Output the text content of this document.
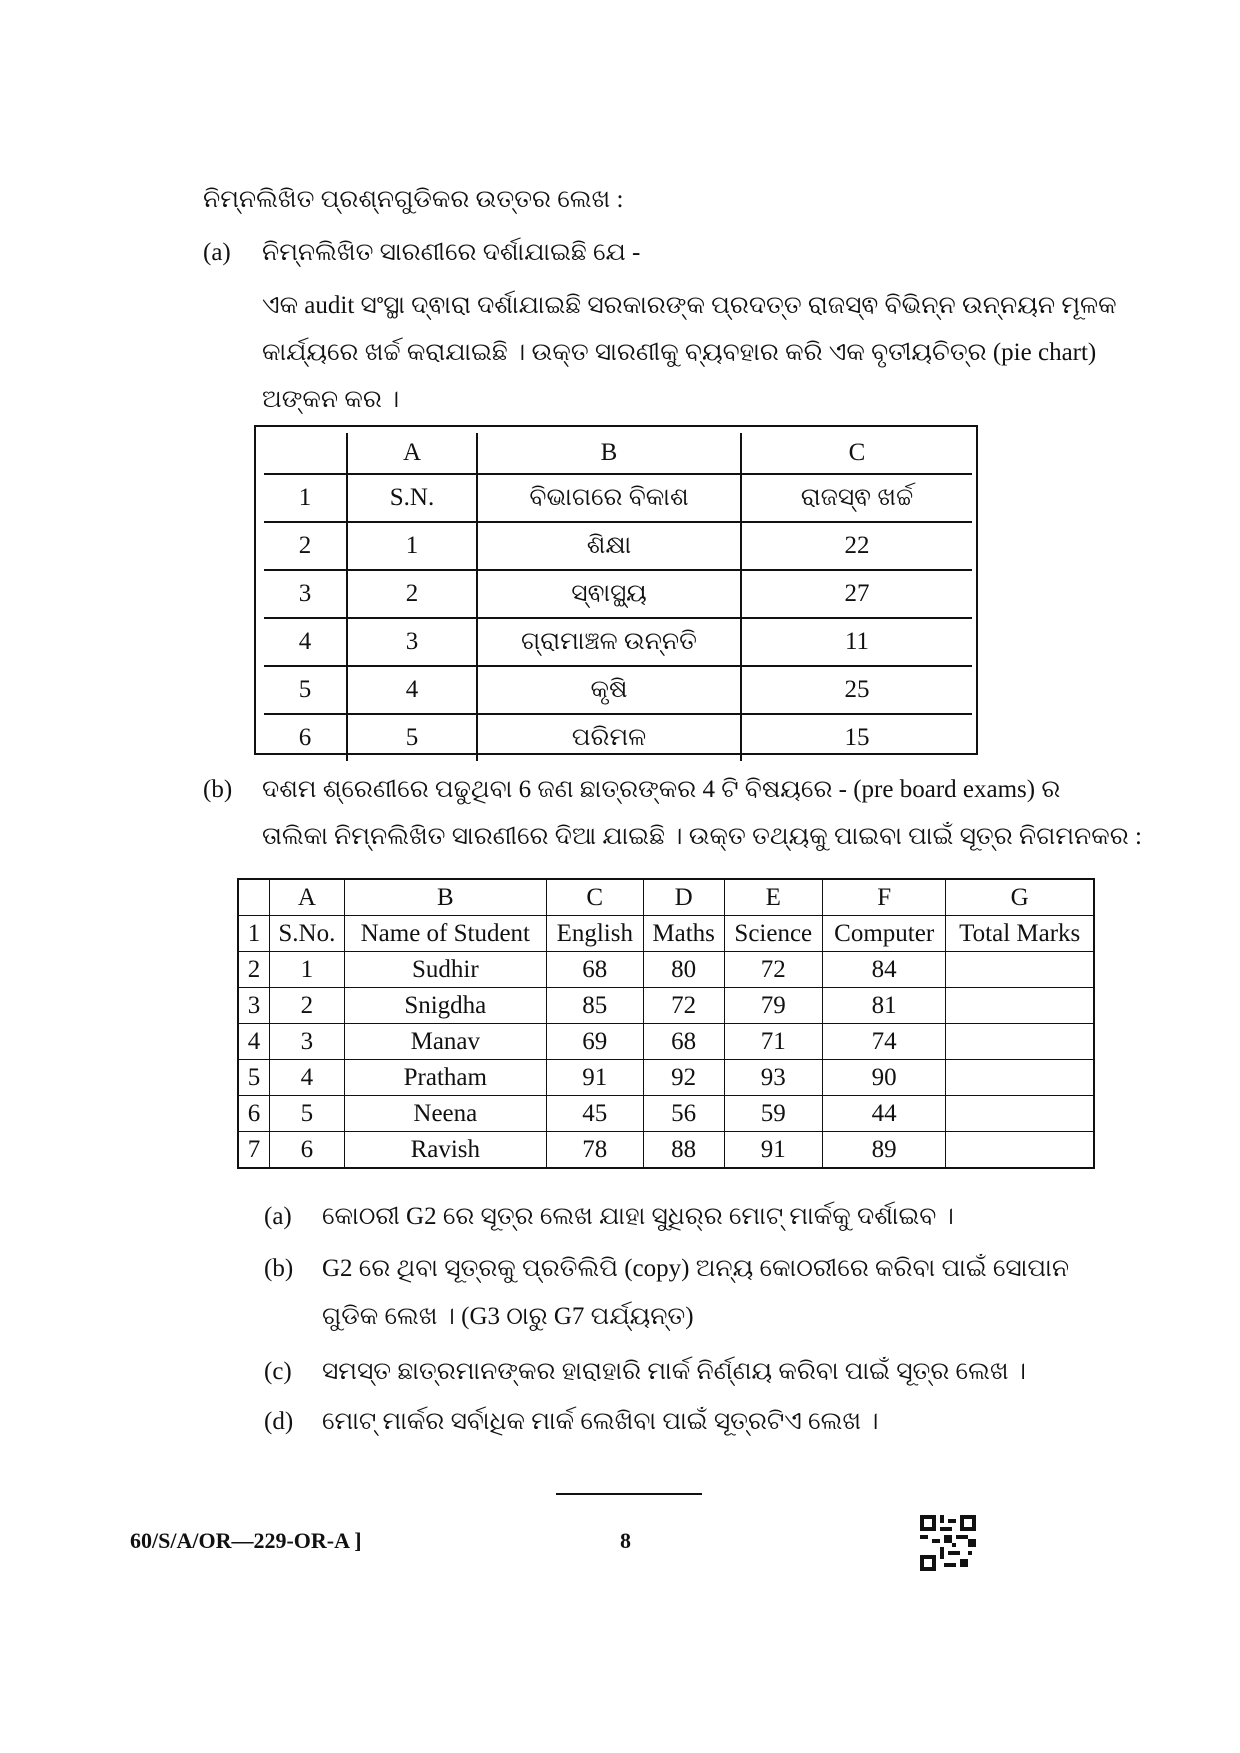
ନିମ୍ନଲିଖିତ ପ୍ରଶ୍ନଗୁଡିକର ଉତ୍ତର ଲେଖ :
(a) ନିମ୍ନଲିଖିତ ସାରଣୀରେ ଦର୍ଶାଯାଇଛି ଯେ -
ଏକ audit ସଂସ୍ଥା ଦ୍ଵାରା ଦର୍ଶାଯାଇଛି ସରକାରଙ୍କ ପ୍ରଦତ୍ତ ରାଜସ୍ଵ ବିଭିନ୍ନ ଉନ୍ନୟନ ମୂଳକ
କାର୍ଯ୍ୟରେ ଖର୍ଚ୍ଚ କରାଯାଇଛି । ଉକ୍ତ ସାରଣୀକୁ ବ୍ୟବହାର କରି ଏକ ବୃତୀୟଚିତ୍ର (pie chart)
ଅଙ୍କନ କର ।
	A	B	C
1	S.N.	ବିଭାଗରେ ବିକାଶ	ରାଜସ୍ଵ ଖର୍ଚ୍ଚ
2	1	ଶିକ୍ଷା	22
3	2	ସ୍ଵାସ୍ଥ୍ୟ	27
4	3	ଗ୍ରାମାଞ୍ଚଳ ଉନ୍ନତି	11
5	4	କୃଷି	25
6	5	ପରିମଳ	15
(b) ଦଶମ ଶ୍ରେଣୀରେ ପଢୁଥିବା 6 ଜଣ ଛାତ୍ରଙ୍କର 4 ଟି ବିଷୟରେ - (pre board exams) ର
ତାଲିକା ନିମ୍ନଲିଖିତ ସାରଣୀରେ ଦିଆ ଯାଇଛି । ଉକ୍ତ ତଥ୍ୟକୁ ପାଇବା ପାଇଁ ସୂତ୍ର ନିଗମନକର :
	A	B	C	D	E	F	G
1	S.No.	Name of Student	English	Maths	Science	Computer	Total Marks
2	1	Sudhir	68	80	72	84	
3	2	Snigdha	85	72	79	81	
4	3	Manav	69	68	71	74	
5	4	Pratham	91	92	93	90	
6	5	Neena	45	56	59	44	
7	6	Ravish	78	88	91	89	
(a) କୋଠରୀ G2 ରେ ସୂତ୍ର ଲେଖ ଯାହା ସୁଧିର୍‌ର ମୋଟ୍ ମାର୍କକୁ ଦର୍ଶାଇବ ।
(b) G2 ରେ ଥିବା ସୂତ୍ରକୁ ପ୍ରତିଲିପି (copy) ଅନ୍ୟ କୋଠରୀରେ କରିବା ପାଇଁ ସୋପାନ
ଗୁଡିକ ଲେଖ । (G3 ଠାରୁ G7 ପର୍ଯ୍ୟନ୍ତ)
(c) ସମସ୍ତ ଛାତ୍ରମାନଙ୍କର ହାରାହାରି ମାର୍କ ନିର୍ଣ୍ଣୟ କରିବା ପାଇଁ ସୂତ୍ର ଲେଖ ।
(d) ମୋଟ୍ ମାର୍କର ସର୍ବାଧିକ ମାର୍କ ଲେଖିବା ପାଇଁ ସୂତ୍ରଟିଏ ଲେଖ ।
60/S/A/OR—229-OR-A ]	8
